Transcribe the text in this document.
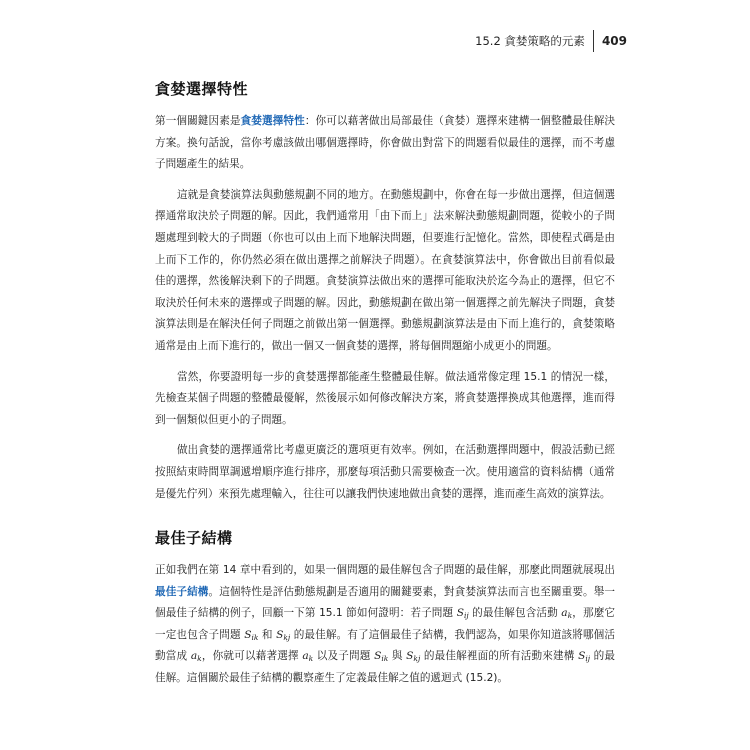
15.2 貪婪策略的元素	409
貪婪選擇特性

第一個關鍵因素是貪婪選擇特性：你可以藉著做出局部最佳（貪婪）選擇來建構一個整體最佳解決方案。換句話說，當你考慮該做出哪個選擇時，你會做出對當下的問題看似最佳的選擇，而不考慮子問題產生的結果。

這就是貪婪演算法與動態規劃不同的地方。在動態規劃中，你會在每一步做出選擇，但這個選擇通常取決於子問題的解。因此，我們通常用「由下而上」法來解決動態規劃問題，從較小的子問題處理到較大的子問題（你也可以由上而下地解決問題，但要進行記憶化。當然，即使程式碼是由上而下工作的，你仍然必須在做出選擇之前解決子問題）。在貪婪演算法中，你會做出目前看似最佳的選擇，然後解決剩下的子問題。貪婪演算法做出來的選擇可能取決於迄今為止的選擇，但它不取決於任何未來的選擇或子問題的解。因此，動態規劃在做出第一個選擇之前先解決子問題，貪婪演算法則是在解決任何子問題之前做出第一個選擇。動態規劃演算法是由下而上進行的，貪婪策略通常是由上而下進行的，做出一個又一個貪婪的選擇，將每個問題縮小成更小的問題。

當然，你要證明每一步的貪婪選擇都能產生整體最佳解。做法通常像定理 15.1 的情況一樣，先檢查某個子問題的整體最優解，然後展示如何修改解決方案，將貪婪選擇換成其他選擇，進而得到一個類似但更小的子問題。

做出貪婪的選擇通常比考慮更廣泛的選項更有效率。例如，在活動選擇問題中，假設活動已經按照結束時間單調遞增順序進行排序，那麼每項活動只需要檢查一次。使用適當的資料結構（通常是優先佇列）來預先處理輸入，往往可以讓我們快速地做出貪婪的選擇，進而產生高效的演算法。

最佳子結構

正如我們在第 14 章中看到的，如果一個問題的最佳解包含子問題的最佳解，那麼此問題就展現出最佳子結構。這個特性是評估動態規劃是否適用的關鍵要素，對貪婪演算法而言也至關重要。舉一個最佳子結構的例子，回顧一下第 15.1 節如何證明：若子問題 $S_{ij}$ 的最佳解包含活動 $a_k$，那麼它一定也包含子問題 $S_{ik}$ 和 $S_{kj}$ 的最佳解。有了這個最佳子結構，我們認為，如果你知道該將哪個活動當成 $a_k$，你就可以藉著選擇 $a_k$ 以及子問題 $S_{ik}$ 與 $S_{kj}$ 的最佳解裡面的所有活動來建構 $S_{ij}$ 的最佳解。這個關於最佳子結構的觀察產生了定義最佳解之值的遞迴式 (15.2)。
